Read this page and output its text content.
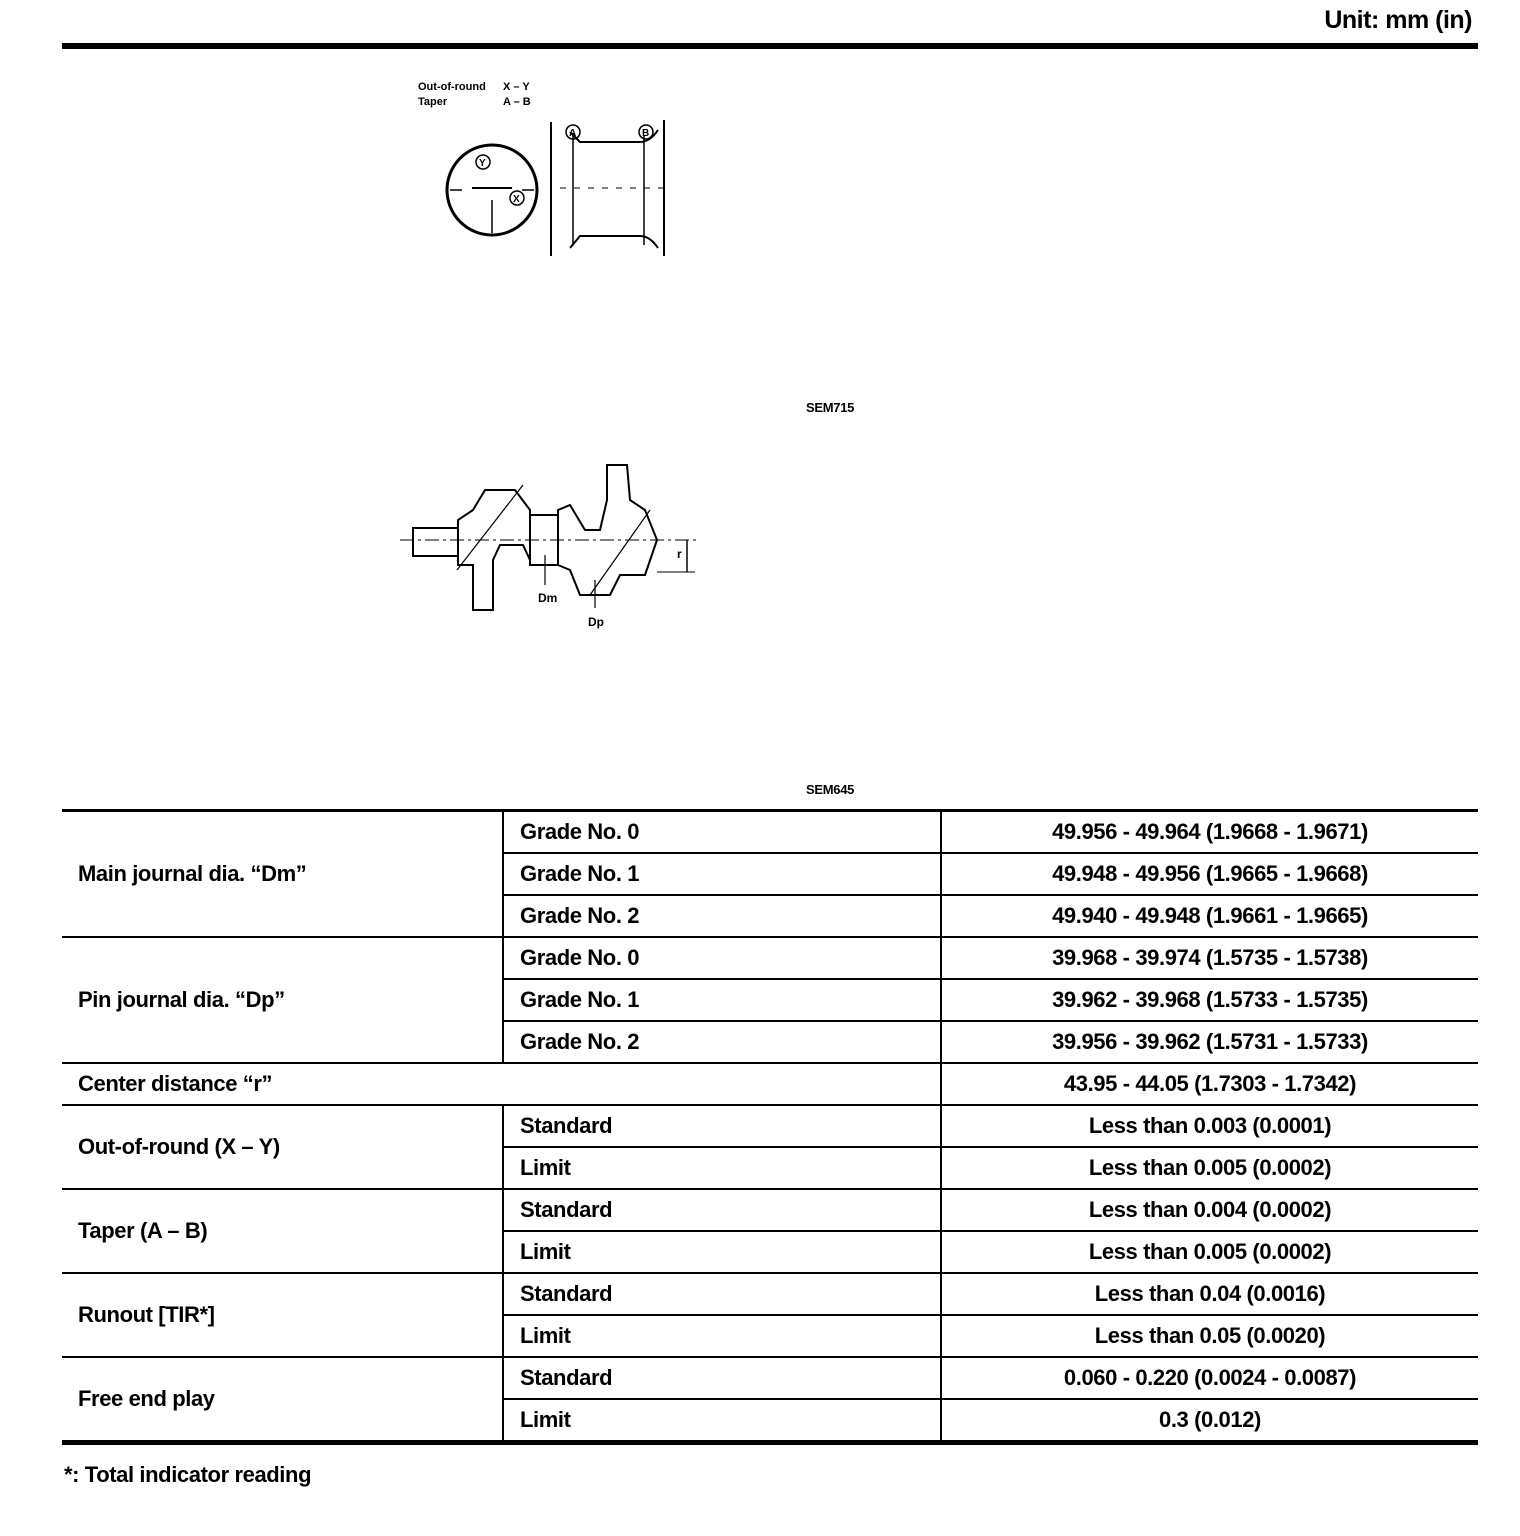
Unit: mm (in)
Out-of-round
Taper
X – Y
A – B
Y
X
A	B
SEM715
r
Dm
Dp
SEM645
Main journal dia. “Dm”	Grade No. 0	49.956 - 49.964 (1.9668 - 1.9671)
	Grade No. 1	49.948 - 49.956 (1.9665 - 1.9668)
	Grade No. 2	49.940 - 49.948 (1.9661 - 1.9665)
Pin journal dia. “Dp”	Grade No. 0	39.968 - 39.974 (1.5735 - 1.5738)
	Grade No. 1	39.962 - 39.968 (1.5733 - 1.5735)
	Grade No. 2	39.956 - 39.962 (1.5731 - 1.5733)
Center distance “r”		43.95 - 44.05 (1.7303 - 1.7342)
Out-of-round (X – Y)	Standard	Less than 0.003 (0.0001)
	Limit	Less than 0.005 (0.0002)
Taper (A – B)	Standard	Less than 0.004 (0.0002)
	Limit	Less than 0.005 (0.0002)
Runout [TIR*]	Standard	Less than 0.04 (0.0016)
	Limit	Less than 0.05 (0.0020)
Free end play	Standard	0.060 - 0.220 (0.0024 - 0.0087)
	Limit	0.3 (0.012)
*: Total indicator reading
